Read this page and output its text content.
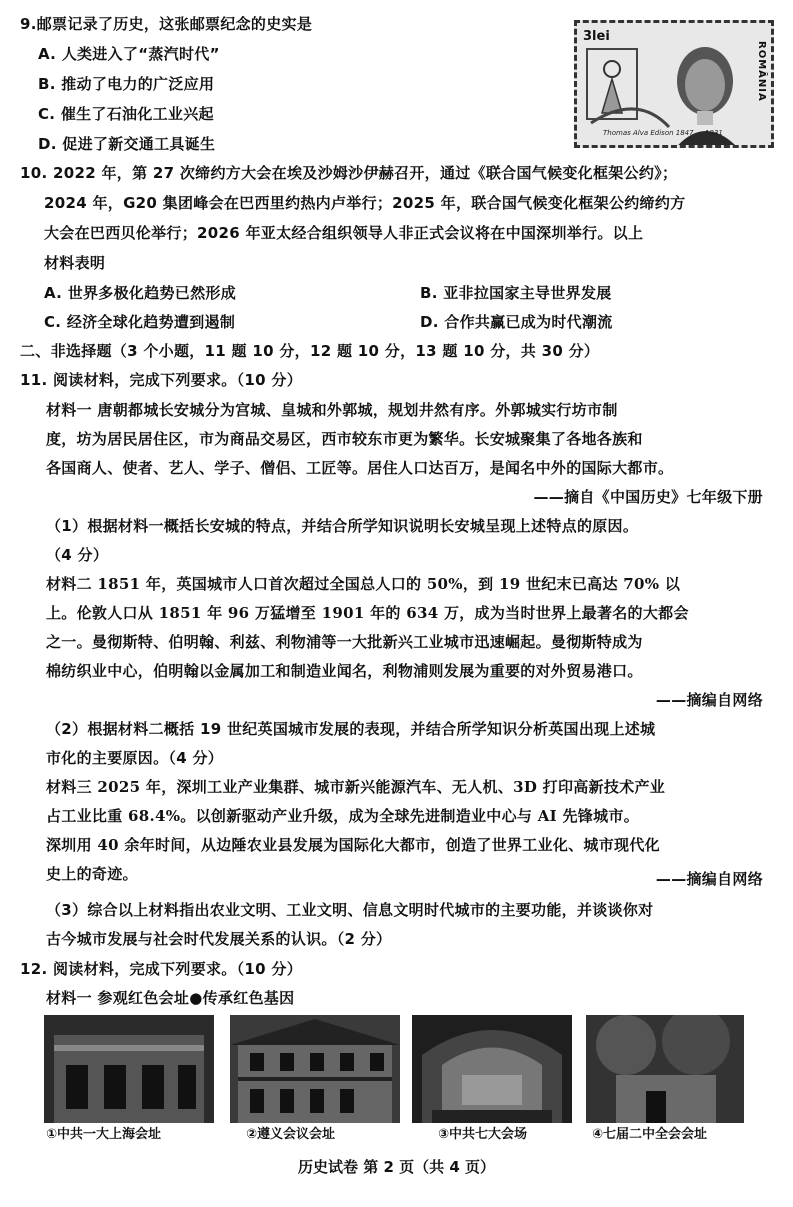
9.邮票记录了历史，这张邮票纪念的史实是
A. 人类进入了“蒸汽时代”
B. 推动了电力的广泛应用
C. 催生了石油化工业兴起
D. 促进了新交通工具诞生
3lei
ROMÂNIA
Thomas Alva Edison 1847 — 1931
10. 2022 年，第 27 次缔约方大会在埃及沙姆沙伊赫召开，通过《联合国气候变化框架公约》；
2024 年，G20 集团峰会在巴西里约热内卢举行；2025 年，联合国气候变化框架公约缔约方
大会在巴西贝伦举行；2026 年亚太经合组织领导人非正式会议将在中国深圳举行。以上
材料表明
A. 世界多极化趋势已然形成	B. 亚非拉国家主导世界发展
C. 经济全球化趋势遭到遏制	D. 合作共赢已成为时代潮流
二、非选择题（3 个小题，11 题 10 分，12 题 10 分，13 题 10 分，共 30 分）
11. 阅读材料，完成下列要求。（10 分）
材料一 唐朝都城长安城分为宫城、皇城和外郭城，规划井然有序。外郭城实行坊市制
度，坊为居民居住区，市为商品交易区，西市较东市更为繁华。长安城聚集了各地各族和
各国商人、使者、艺人、学子、僧侣、工匠等。居住人口达百万，是闻名中外的国际大都市。
——摘自《中国历史》七年级下册
（1）根据材料一概括长安城的特点，并结合所学知识说明长安城呈现上述特点的原因。
（4 分）
材料二 1851 年，英国城市人口首次超过全国总人口的 50%，到 19 世纪末已高达 70% 以
上。伦敦人口从 1851 年 96 万猛增至 1901 年的 634 万，成为当时世界上最著名的大都会
之一。曼彻斯特、伯明翰、利兹、利物浦等一大批新兴工业城市迅速崛起。曼彻斯特成为
棉纺织业中心，伯明翰以金属加工和制造业闻名，利物浦则发展为重要的对外贸易港口。
——摘编自网络
（2）根据材料二概括 19 世纪英国城市发展的表现，并结合所学知识分析英国出现上述城
市化的主要原因。（4 分）
材料三 2025 年，深圳工业产业集群、城市新兴能源汽车、无人机、3D 打印高新技术产业
占工业比重 68.4%。以创新驱动产业升级，成为全球先进制造业中心与 AI 先锋城市。
深圳用 40 余年时间，从边陲农业县发展为国际化大都市，创造了世界工业化、城市现代化
史上的奇迹。	——摘编自网络
（3）综合以上材料指出农业文明、工业文明、信息文明时代城市的主要功能，并谈谈你对
古今城市发展与社会时代发展关系的认识。（2 分）
12. 阅读材料，完成下列要求。（10 分）
材料一 参观红色会址●传承红色基因
①中共一大上海会址	②遵义会议会址	③中共七大会场	④七届二中全会会址
历史试卷 第 2 页（共 4 页）
